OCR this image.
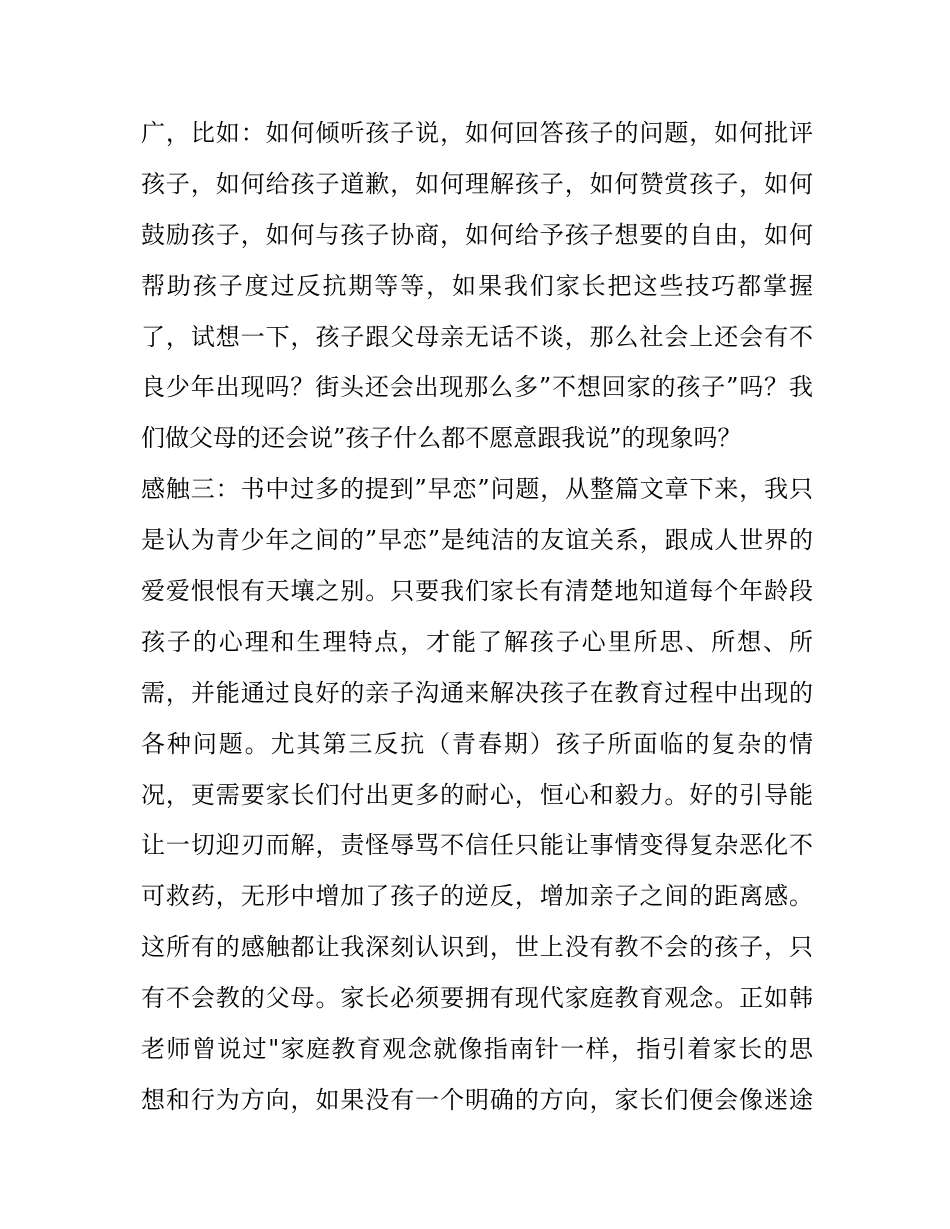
广，比如：如何倾听孩子说，如何回答孩子的问题，如何批评
孩子，如何给孩子道歉，如何理解孩子，如何赞赏孩子，如何
鼓励孩子，如何与孩子协商，如何给予孩子想要的自由，如何
帮助孩子度过反抗期等等，如果我们家长把这些技巧都掌握
了，试想一下，孩子跟父母亲无话不谈，那么社会上还会有不
良少年出现吗？街头还会出现那么多”不想回家的孩子”吗？我
们做父母的还会说”孩子什么都不愿意跟我说”的现象吗？
感触三：书中过多的提到”早恋”问题，从整篇文章下来，我只
是认为青少年之间的”早恋”是纯洁的友谊关系，跟成人世界的
爱爱恨恨有天壤之别。只要我们家长有清楚地知道每个年龄段
孩子的心理和生理特点，才能了解孩子心里所思、所想、所
需，并能通过良好的亲子沟通来解决孩子在教育过程中出现的
各种问题。尤其第三反抗（青春期）孩子所面临的复杂的情
况，更需要家长们付出更多的耐心，恒心和毅力。好的引导能
让一切迎刃而解，责怪辱骂不信任只能让事情变得复杂恶化不
可救药，无形中增加了孩子的逆反，增加亲子之间的距离感。
这所有的感触都让我深刻认识到，世上没有教不会的孩子，只
有不会教的父母。家长必须要拥有现代家庭教育观念。正如韩
老师曾说过"家庭教育观念就像指南针一样，指引着家长的思
想和行为方向，如果没有一个明确的方向，家长们便会像迷途
